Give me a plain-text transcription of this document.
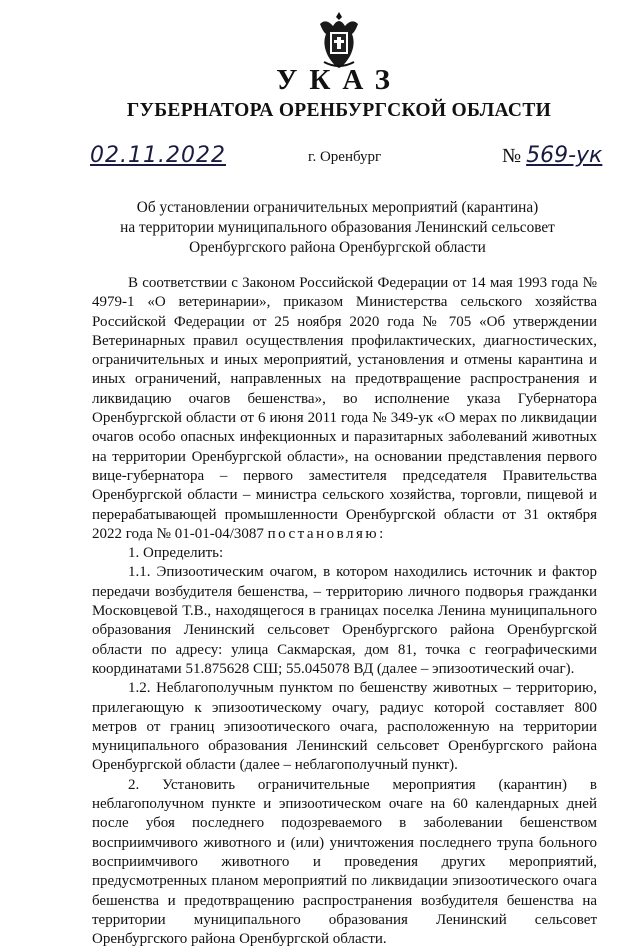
УКАЗ
ГУБЕРНАТОРА ОРЕНБУРГСКОЙ ОБЛАСТИ
02.11.2022	г. Оренбург	№ 569-ук
Об установлении ограничительных мероприятий (карантина)
на территории муниципального образования Ленинский сельсовет
Оренбургского района Оренбургской области

В соответствии с Законом Российской Федерации от 14 мая 1993 года № 4979-1 «О ветеринарии», приказом Министерства сельского хозяйства Российской Федерации от 25 ноября 2020 года № 705 «Об утверждении Ветеринарных правил осуществления профилактических, диагностических, ограничительных и иных мероприятий, установления и отмены карантина и иных ограничений, направленных на предотвращение распространения и ликвидацию очагов бешенства», во исполнение указа Губернатора Оренбургской области от 6 июня 2011 года № 349-ук «О мерах по ликвидации очагов особо опасных инфекционных и паразитарных заболеваний животных на территории Оренбургской области», на основании представления первого вице-губернатора – первого заместителя председателя Правительства Оренбургской области – министра сельского хозяйства, торговли, пищевой и перерабатывающей промышленности Оренбургской области от 31 октября 2022 года № 01-01-04/3087 постановляю:

1. Определить:

1.1. Эпизоотическим очагом, в котором находились источник и фактор передачи возбудителя бешенства, – территорию личного подворья гражданки Московцевой Т.В., находящегося в границах поселка Ленина муниципального образования Ленинский сельсовет Оренбургского района Оренбургской области по адресу: улица Сакмарская, дом 81, точка с географическими координатами 51.875628 СШ; 55.045078 ВД (далее – эпизоотический очаг).

1.2. Неблагополучным пунктом по бешенству животных – территорию, прилегающую к эпизоотическому очагу, радиус которой составляет 800 метров от границ эпизоотического очага, расположенную на территории муниципального образования Ленинский сельсовет Оренбургского района Оренбургской области (далее – неблагополучный пункт).

2. Установить ограничительные мероприятия (карантин) в неблагополучном пункте и эпизоотическом очаге на 60 календарных дней после убоя последнего подозреваемого в заболевании бешенством восприимчивого животного и (или) уничтожения последнего трупа больного восприимчивого животного и проведения других мероприятий, предусмотренных планом мероприятий по ликвидации эпизоотического очага бешенства и предотвращению распространения возбудителя бешенства на территории муниципального образования Ленинский сельсовет Оренбургского района Оренбургской области.
